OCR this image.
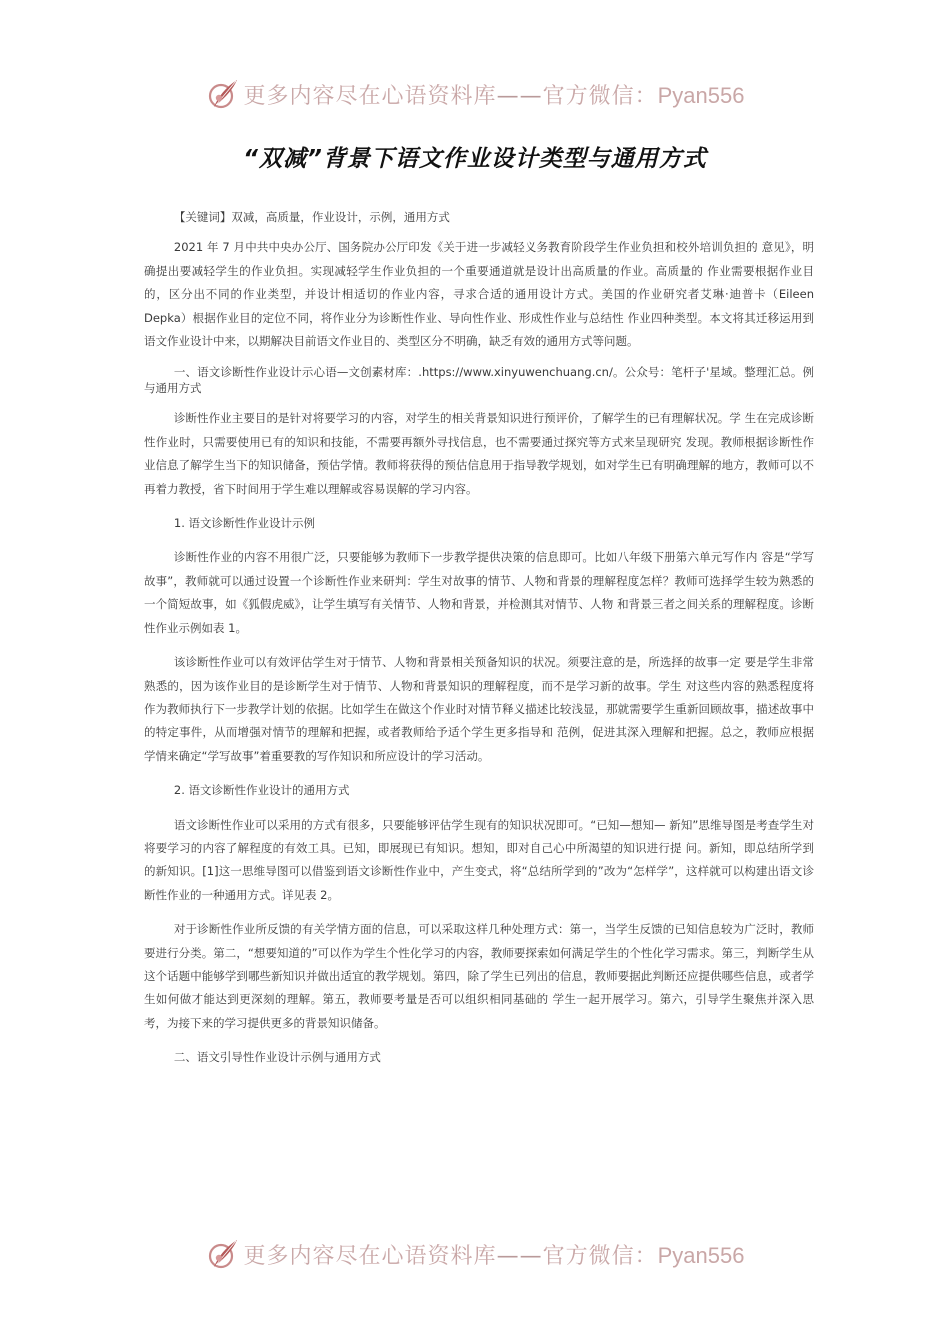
更多内容尽在心语资料库——官方微信：Pyan556
“双减”背景下语文作业设计类型与通用方式

【关键词】双减，高质量，作业设计，示例，通用方式

2021 年 7 月中共中央办公厅、国务院办公厅印发《关于进一步减轻义务教育阶段学生作业负担和校外培训负担的 意见》，明确提出要减轻学生的作业负担。实现减轻学生作业负担的一个重要通道就是设计出高质量的作业。高质量的 作业需要根据作业目的，区分出不同的作业类型，并设计相适切的作业内容，寻求合适的通用设计方式。美国的作业研究者艾琳·迪普卡（Eileen Depka）根据作业目的定位不同，将作业分为诊断性作业、导向性作业、形成性作业与总结性 作业四种类型。本文将其迁移运用到语文作业设计中来，以期解决目前语文作业目的、类型区分不明确，缺乏有效的通用方式等问题。

一、语文诊断性作业设计示心语—文创素材库：.https://www.xinyuwenchuang.cn/。公众号：笔杆子'星域。整理汇总。例与通用方式

诊断性作业主要目的是针对将要学习的内容，对学生的相关背景知识进行预评价，了解学生的已有理解状况。学 生在完成诊断性作业时，只需要使用已有的知识和技能，不需要再额外寻找信息，也不需要通过探究等方式来呈现研究 发现。教师根据诊断性作业信息了解学生当下的知识储备，预估学情。教师将获得的预估信息用于指导教学规划，如对学生已有明确理解的地方，教师可以不再着力教授，省下时间用于学生难以理解或容易误解的学习内容。

1. 语文诊断性作业设计示例

诊断性作业的内容不用很广泛，只要能够为教师下一步教学提供决策的信息即可。比如八年级下册第六单元写作内 容是“学写故事”，教师就可以通过设置一个诊断性作业来研判：学生对故事的情节、人物和背景的理解程度怎样？教师可选择学生较为熟悉的一个简短故事，如《狐假虎威》，让学生填写有关情节、人物和背景，并检测其对情节、人物 和背景三者之间关系的理解程度。诊断性作业示例如表 1。

该诊断性作业可以有效评估学生对于情节、人物和背景相关预备知识的状况。须要注意的是，所选择的故事一定 要是学生非常熟悉的，因为该作业目的是诊断学生对于情节、人物和背景知识的理解程度，而不是学习新的故事。学生 对这些内容的熟悉程度将作为教师执行下一步教学计划的依据。比如学生在做这个作业时对情节释义描述比较浅显，那就需要学生重新回顾故事，描述故事中的特定事件，从而增强对情节的理解和把握，或者教师给予适个学生更多指导和 范例，促进其深入理解和把握。总之，教师应根据学情来确定“学写故事”着重要教的写作知识和所应设计的学习活动。

2. 语文诊断性作业设计的通用方式

语文诊断性作业可以采用的方式有很多，只要能够评估学生现有的知识状况即可。“已知—想知— 新知”思维导图是考查学生对将要学习的内容了解程度的有效工具。已知，即展现已有知识。想知，即对自己心中所渴望的知识进行提 问。新知，即总结所学到的新知识。[1]这一思维导图可以借鉴到语文诊断性作业中，产生变式，将“总结所学到的”改为“怎样学”，这样就可以构建出语文诊断性作业的一种通用方式。详见表 2。

对于诊断性作业所反馈的有关学情方面的信息，可以采取这样几种处理方式：第一，当学生反馈的已知信息较为广泛时，教师要进行分类。第二，“想要知道的”可以作为学生个性化学习的内容，教师要探索如何满足学生的个性化学习需求。第三，判断学生从这个话题中能够学到哪些新知识并做出适宜的教学规划。第四，除了学生已列出的信息，教师要据此判断还应提供哪些信息，或者学生如何做才能达到更深刻的理解。第五，教师要考量是否可以组织相同基础的 学生一起开展学习。第六，引导学生聚焦并深入思考，为接下来的学习提供更多的背景知识储备。

二、语文引导性作业设计示例与通用方式

更多内容尽在心语资料库——官方微信：Pyan556
